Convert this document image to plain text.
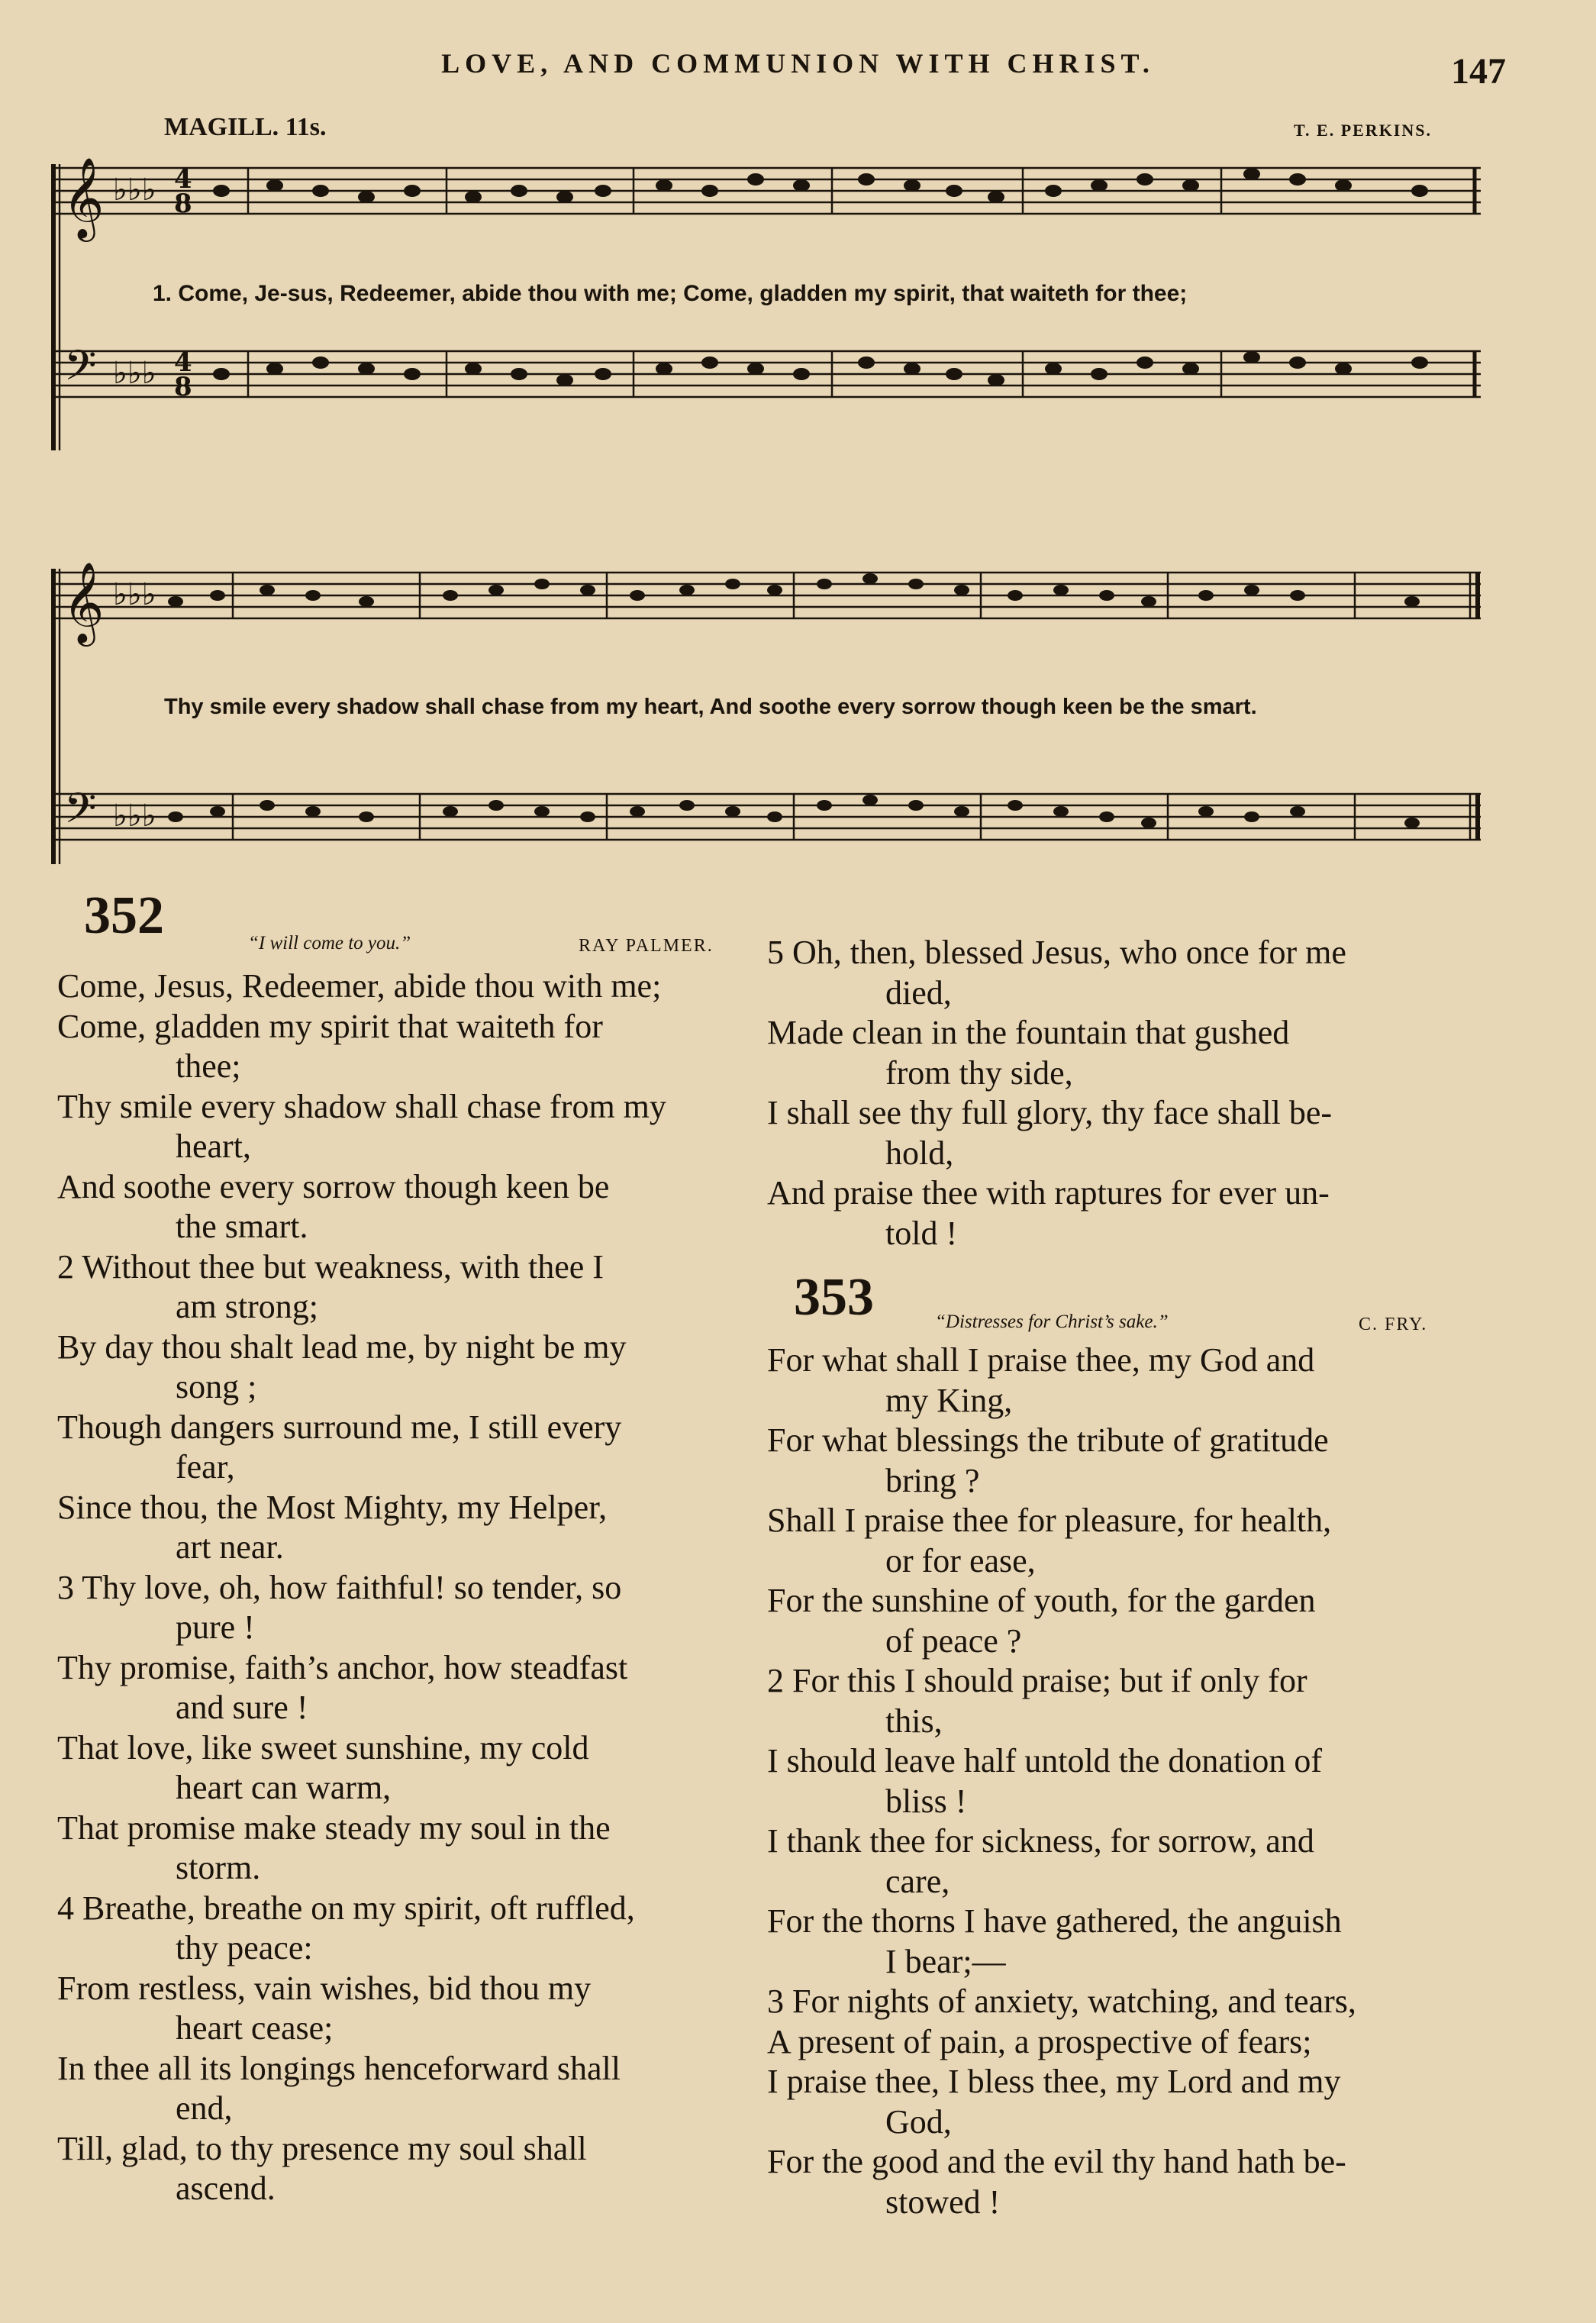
LOVE, AND COMMUNION WITH CHRIST.	147
MAGILL. 11s.	T. E. PERKINS.
𝄞
𝄢
♭♭♭
♭♭♭
4
8
4
8
1. Come, Je-sus, Redeemer, abide thou with me; Come, gladden my spirit, that waiteth for thee;
𝄞
𝄢
♭♭♭
♭♭♭
Thy smile every shadow shall chase from my heart, And soothe every sorrow though keen be the smart.
352	“I will come to you.”	RAY PALMER.
Come, Jesus, Redeemer, abide thou with me;
Come, gladden my spirit that waiteth for
thee;
Thy smile every shadow shall chase from my
heart,
And soothe every sorrow though keen be
the smart.
2 Without thee but weakness, with thee I
am strong;
By day thou shalt lead me, by night be my
song ;
Though dangers surround me, I still every
fear,
Since thou, the Most Mighty, my Helper,
art near.
3 Thy love, oh, how faithful! so tender, so
pure !
Thy promise, faith’s anchor, how steadfast
and sure !
That love, like sweet sunshine, my cold
heart can warm,
That promise make steady my soul in the
storm.
4 Breathe, breathe on my spirit, oft ruffled,
thy peace:
From restless, vain wishes, bid thou my
heart cease;
In thee all its longings henceforward shall
end,
Till, glad, to thy presence my soul shall
ascend.
5 Oh, then, blessed Jesus, who once for me
died,
Made clean in the fountain that gushed
from thy side,
I shall see thy full glory, thy face shall be-
hold,
And praise thee with raptures for ever un-
told !
353	“Distresses for Christ’s sake.”	C. FRY.
For what shall I praise thee, my God and
my King,
For what blessings the tribute of gratitude
bring ?
Shall I praise thee for pleasure, for health,
or for ease,
For the sunshine of youth, for the garden
of peace ?
2 For this I should praise; but if only for
this,
I should leave half untold the donation of
bliss !
I thank thee for sickness, for sorrow, and
care,
For the thorns I have gathered, the anguish
I bear;—
3 For nights of anxiety, watching, and tears,
A present of pain, a prospective of fears;
I praise thee, I bless thee, my Lord and my
God,
For the good and the evil thy hand hath be-
stowed !
